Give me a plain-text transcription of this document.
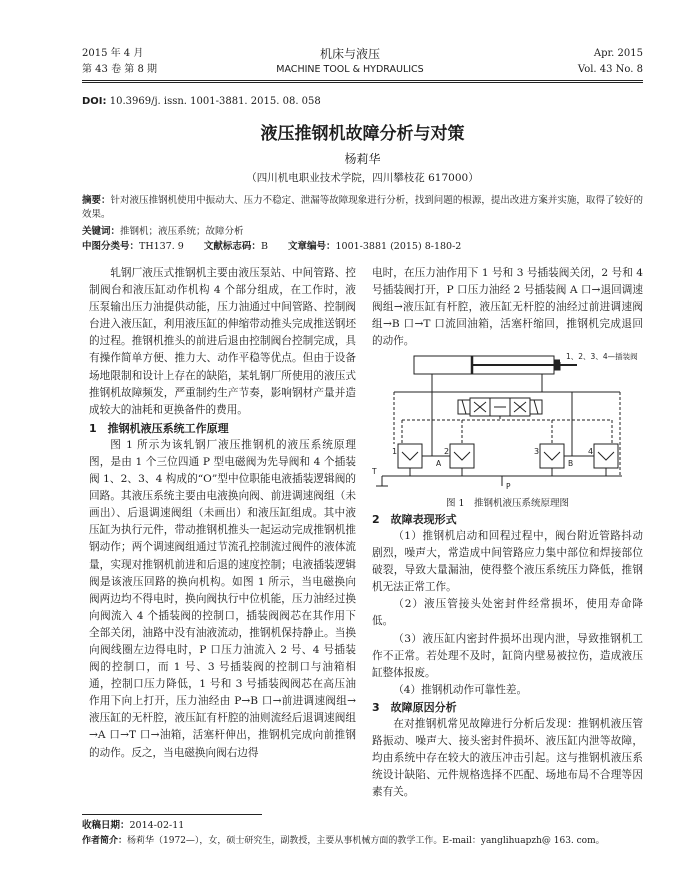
2015 年 4 月
第 43 卷 第 8 期
机床与液压
MACHINE TOOL & HYDRAULICS
Apr. 2015
Vol. 43 No. 8
DOI: 10.3969/j. issn. 1001-3881. 2015. 08. 058
液压推钢机故障分析与对策
杨莉华
（四川机电职业技术学院，四川攀枝花 617000）
摘要：针对液压推钢机使用中振动大、压力不稳定、泄漏等故障现象进行分析，找到问题的根源，提出改进方案并实施，取得了较好的效果。
关键词：推钢机；液压系统；故障分析
中图分类号：TH137. 9 文献标志码：B 文章编号：1001-3881 (2015) 8-180-2

轧钢厂液压式推钢机主要由液压泵站、中间管路、控制阀台和液压缸动作机构 4 个部分组成，在工作时，液压泵输出压力油提供动能，压力油通过中间管路、控制阀台进入液压缸，利用液压缸的伸缩带动推头完成推送钢坯的过程。推钢机推头的前进后退由控制阀台控制完成，具有操作简单方便、推力大、动作平稳等优点。但由于设备场地限制和设计上存在的缺陷，某轧钢厂所使用的液压式推钢机故障频发，严重制约生产节奏，影响钢材产量并造成较大的油耗和更换备件的费用。

1　推钢机液压系统工作原理

图 1 所示为该轧钢厂液压推钢机的液压系统原理图，是由 1 个三位四通 P 型电磁阀为先导阀和 4 个插装阀 1、2、3、4 构成的“O”型中位职能电液插装逻辑阀的回路。其液压系统主要由电液换向阀、前进调速阀组（未画出）、后退调速阀组（未画出）和液压缸组成。其中液压缸为执行元件，带动推钢机推头一起运动完成推钢机推钢动作；两个调速阀组通过节流孔控制流过阀件的液体流量，实现对推钢机前进和后退的速度控制；电液插装逻辑阀是该液压回路的换向机构。如图 1 所示，当电磁换向阀两边均不得电时，换向阀执行中位机能，压力油经过换向阀流入 4 个插装阀的控制口，插装阀阀芯在其作用下全部关闭，油路中没有油液流动，推钢机保持静止。当换向阀线圈左边得电时，P 口压力油流入 2 号、4 号插装阀的控制口，而 1 号、3 号插装阀的控制口与油箱相通，控制口压力降低，1 号和 3 号插装阀阀芯在高压油作用下向上打开，压力油经由 P→B 口→前进调速阀组→液压缸的无杆腔，液压缸有杆腔的油则流经后退调速阀组→A 口→T 口→油箱，活塞杆伸出，推钢机完成向前推钢的动作。反之，当电磁换向阀右边得

电时，在压力油作用下 1 号和 3 号插装阀关闭，2 号和 4 号插装阀打开，P 口压力油经 2 号插装阀 A 口→退回调速阀组→液压缸有杆腔，液压缸无杆腔的油经过前进调速阀组→B 口→T 口流回油箱，活塞杆缩回，推钢机完成退回的动作。

1、2、3、4—插装阀
1	2	3	4
T
P
A	B
图 1　推钢机液压系统原理图

2　故障表现形式

（1）推钢机启动和回程过程中，阀台附近管路抖动剧烈，噪声大，常造成中间管路应力集中部位和焊接部位破裂，导致大量漏油，使得整个液压系统压力降低，推钢机无法正常工作。

（2）液压管接头处密封件经常损坏，使用寿命降低。

（3）液压缸内密封件损坏出现内泄，导致推钢机工作不正常。若处理不及时，缸筒内壁易被拉伤，造成液压缸整体报废。

（4）推钢机动作可靠性差。

3　故障原因分析

在对推钢机常见故障进行分析后发现：推钢机液压管路振动、噪声大、接头密封件损坏、液压缸内泄等故障，均由系统中存在较大的液压冲击引起。这与推钢机液压系统设计缺陷、元件规格选择不匹配、场地布局不合理等因素有关。

收稿日期：2014-02-11
作者简介：杨莉华（1972—），女，硕士研究生，副教授，主要从事机械方面的教学工作。E-mail：yanglihuapzh@ 163. com。
